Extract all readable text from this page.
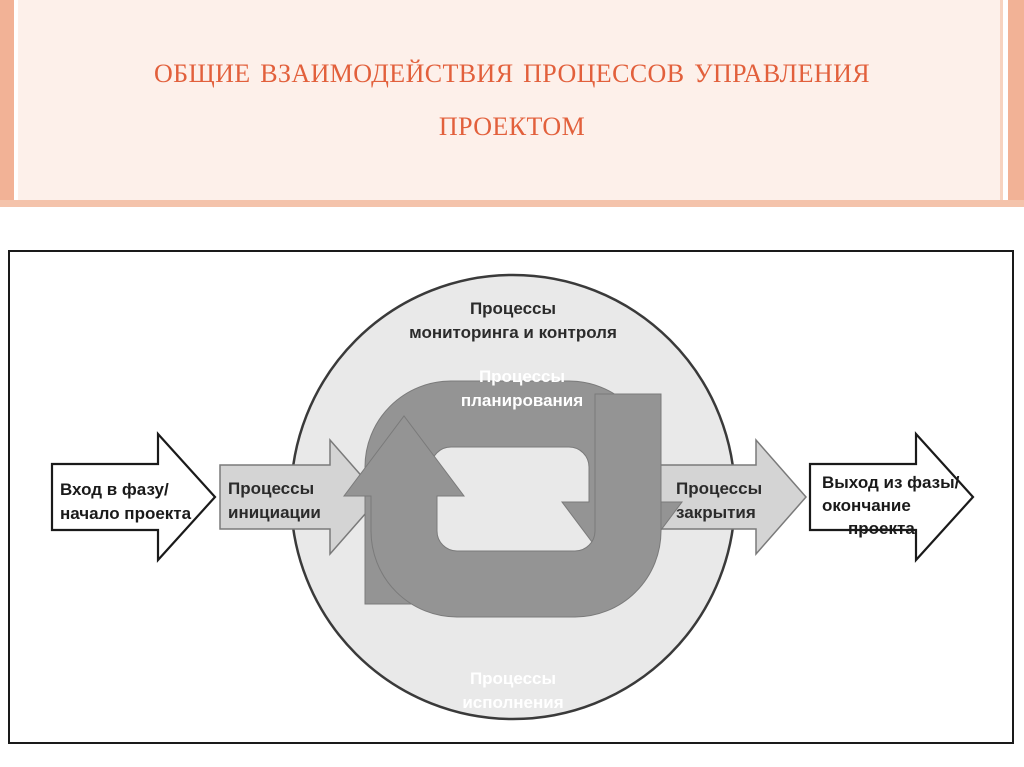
общие взаимодействия процессов управления проектом
Вход в фазу/
начало проекта
Выход из фазы/
окончание
проекта
Процессы
инициации
Процессы
закрытия
Процессы
мониторинга и контроля
Процессы
планирования
Процессы
исполнения
